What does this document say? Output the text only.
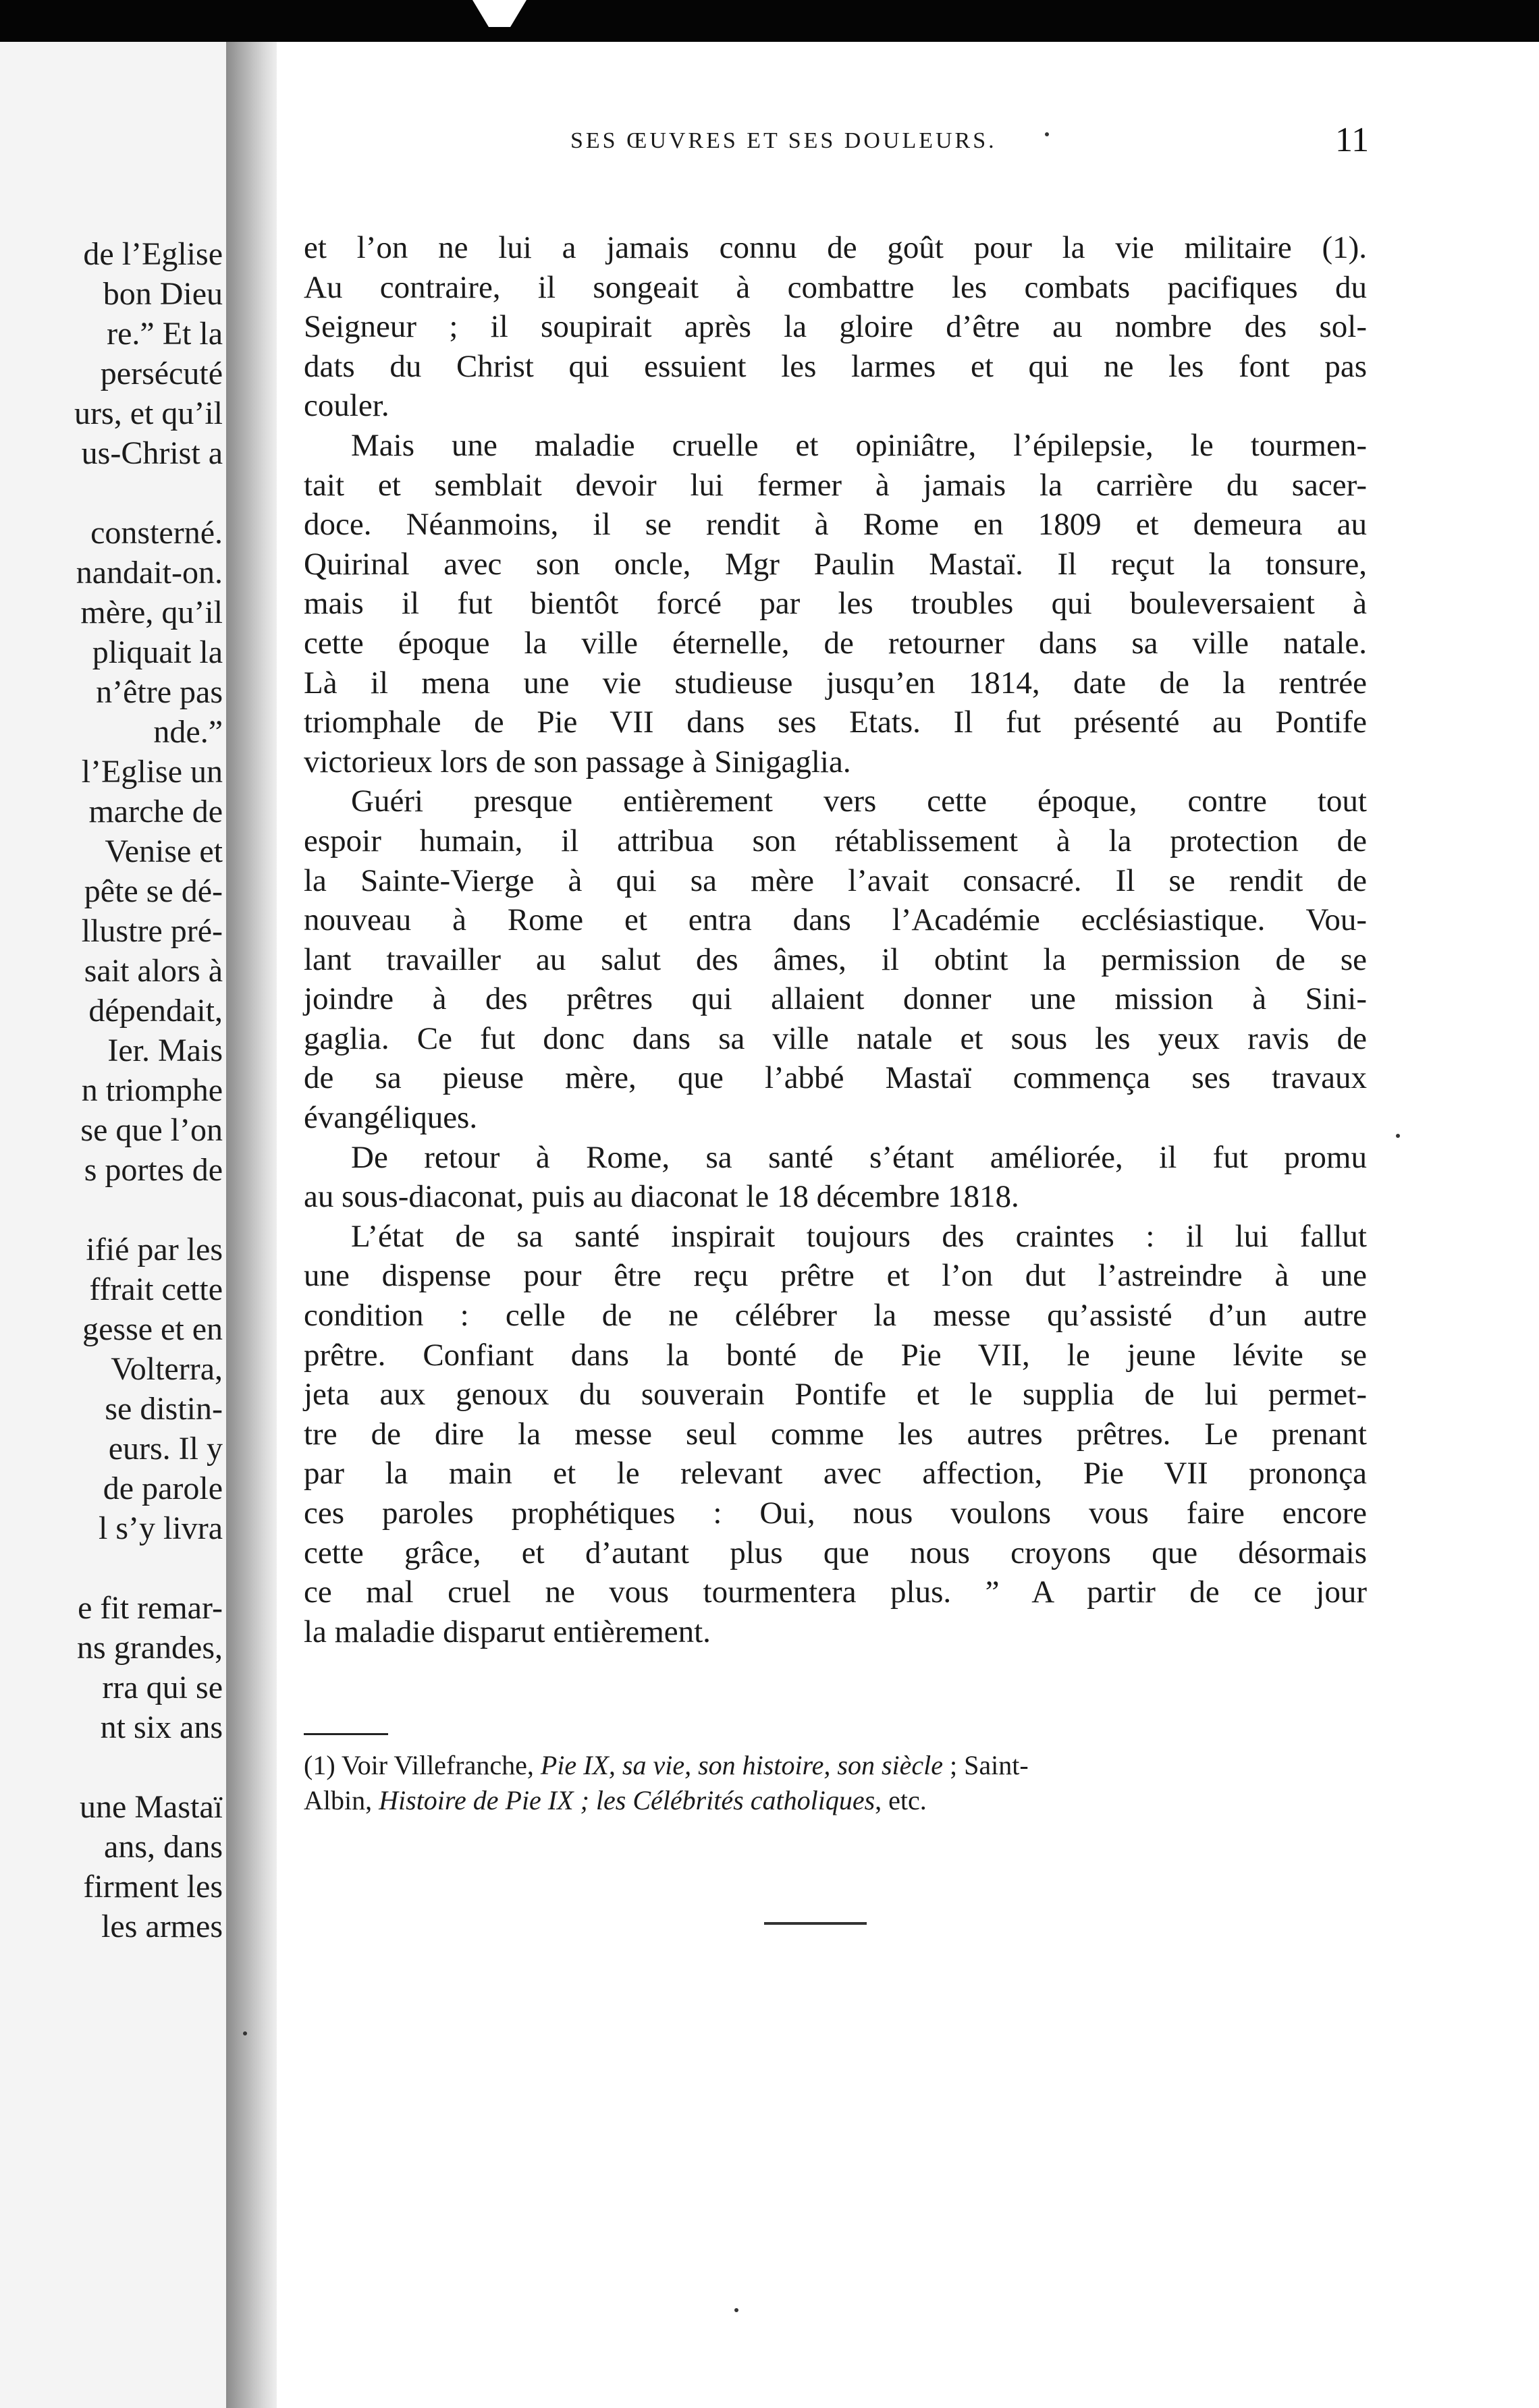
de l’Eglise
bon Dieu
re.” Et la
persécuté
urs, et qu’il
us-Christ a
consterné.
nandait-on.
mère, qu’il
pliquait la
n’être pas
nde.”
l’Eglise un
marche de
Venise et
pête se dé-
llustre pré-
sait alors à
dépendait,
Ier. Mais
n triomphe
se que l’on
s portes de
ifié par les
ffrait cette
gesse et en
Volterra,
se distin-
eurs. Il y
de parole
l s’y livra
e fit remar-
ns grandes,
rra qui se
nt six ans
une Mastaï
ans, dans
firment les
les armes
SES ŒUVRES ET SES DOULEURS.	11
et l’on ne lui a jamais connu de goût pour la vie militaire (1).
Au contraire, il songeait à combattre les combats pacifiques du
Seigneur ; il soupirait après la gloire d’être au nombre des sol-
dats du Christ qui essuient les larmes et qui ne les font pas
couler.
Mais une maladie cruelle et opiniâtre, l’épilepsie, le tourmen-
tait et semblait devoir lui fermer à jamais la carrière du sacer-
doce. Néanmoins, il se rendit à Rome en 1809 et demeura au
Quirinal avec son oncle, Mgr Paulin Mastaï. Il reçut la tonsure,
mais il fut bientôt forcé par les troubles qui bouleversaient à
cette époque la ville éternelle, de retourner dans sa ville natale.
Là il mena une vie studieuse jusqu’en 1814, date de la rentrée
triomphale de Pie VII dans ses Etats. Il fut présenté au Pontife
victorieux lors de son passage à Sinigaglia.
Guéri presque entièrement vers cette époque, contre tout
espoir humain, il attribua son rétablissement à la protection de
la Sainte-Vierge à qui sa mère l’avait consacré. Il se rendit de
nouveau à Rome et entra dans l’Académie ecclésiastique. Vou-
lant travailler au salut des âmes, il obtint la permission de se
joindre à des prêtres qui allaient donner une mission à Sini-
gaglia. Ce fut donc dans sa ville natale et sous les yeux ravis de
de sa pieuse mère, que l’abbé Mastaï commença ses travaux
évangéliques.
De retour à Rome, sa santé s’étant améliorée, il fut promu
au sous-diaconat, puis au diaconat le 18 décembre 1818.
L’état de sa santé inspirait toujours des craintes : il lui fallut
une dispense pour être reçu prêtre et l’on dut l’astreindre à une
condition : celle de ne célébrer la messe qu’assisté d’un autre
prêtre. Confiant dans la bonté de Pie VII, le jeune lévite se
jeta aux genoux du souverain Pontife et le supplia de lui permet-
tre de dire la messe seul comme les autres prêtres. Le prenant
par la main et le relevant avec affection, Pie VII prononça
ces paroles prophétiques : Oui, nous voulons vous faire encore
cette grâce, et d’autant plus que nous croyons que désormais
ce mal cruel ne vous tourmentera plus. ” A partir de ce jour
la maladie disparut entièrement.
(1) Voir Villefranche, Pie IX, sa vie, son histoire, son siècle ; Saint-
Albin, Histoire de Pie IX ; les Célébrités catholiques, etc.
